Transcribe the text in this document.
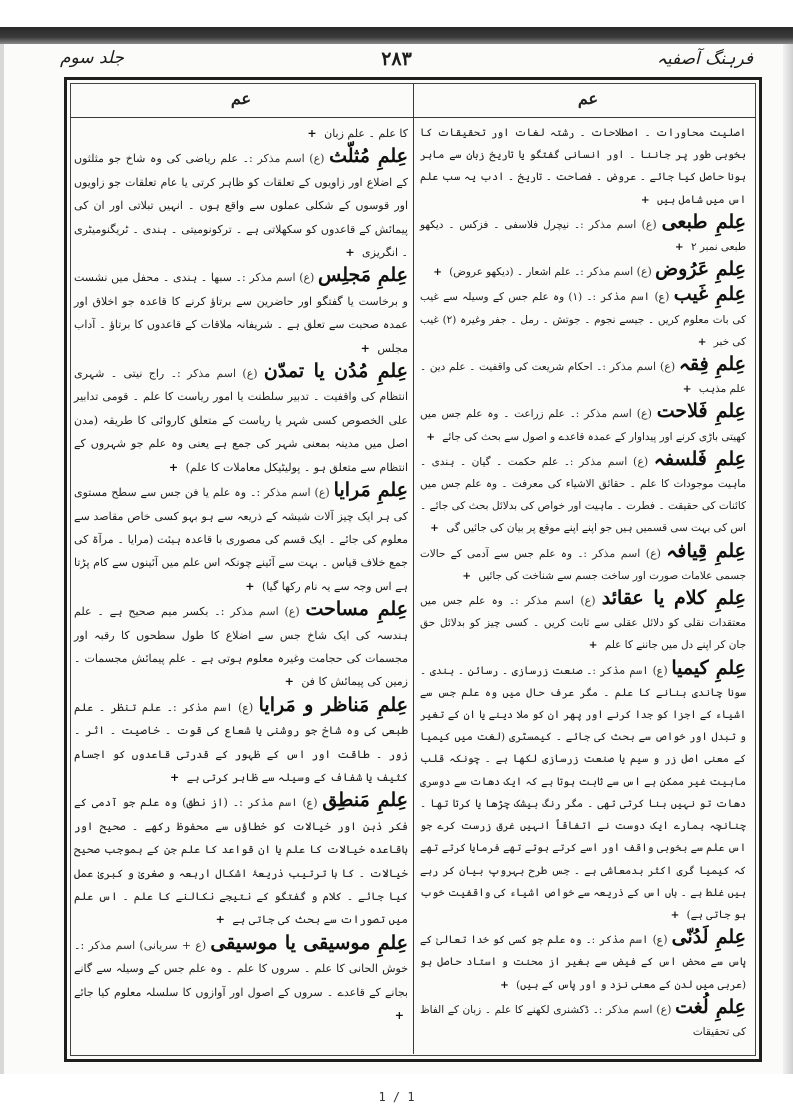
جلد سوم	۲۸۳	فرہنگ آصفیہ
عم	عم

اصلیت محاورات ۔ اصطلاحات ۔ رشتہ لغات اور تحقیقات کا بخوبی طور پر جاننا ۔ اور انسانی گفتگو یا تاریخ زبان سے ماہر ہونا حاصل کیا جائے ۔ عروض ۔ فصاحت ۔ تاریخ ۔ ادب یہ سب علم اس میں شامل ہیں +

عِلمِ طبعی (ع) اسم مذکر :۔ نیچرل فلاسفی ۔ فزکس ۔ دیکھو طبعی نمبر ۲ +

عِلمِ عَرُوض (ع) اسم مذکر :۔ علم اشعار ۔ (دیکھو عروض) +

عِلمِ غَیب (ع) اسم مذکر :۔ (۱) وہ علم جس کے وسیلہ سے غیب کی بات معلوم کریں ۔ جیسے نجوم ۔ جوتش ۔ رمل ۔ جفر وغیرہ (۲) غیب کی خبر +

عِلمِ فِقہ (ع) اسم مذکر :۔ احکام شریعت کی واقفیت ۔ علم دین ۔ علم مذہب +

عِلمِ فَلاحت (ع) اسم مذکر :۔ علم زراعت ۔ وہ علم جس میں کھیتی باڑی کرنے اور پیداوار کے عمدہ قاعدے و اصول سے بحث کی جائے +

عِلمِ فَلسفہ (ع) اسم مذکر :۔ علم حکمت ۔ گیان ۔ ہندی ۔ ماہیت موجودات کا علم ۔ حقائق الاشیاء کی معرفت ۔ وہ علم جس میں کائنات کی حقیقت ۔ فطرت ۔ ماہیت اور خواص کی بدلائل بحث کی جائے ۔ اس کی بہت سی قسمیں ہیں جو اپنے اپنے موقع پر بیان کی جائیں گی +

عِلمِ قِیافہ (ع) اسم مذکر :۔ وہ علم جس سے آدمی کے حالات جسمی علامات صورت اور ساخت جسم سے شناخت کی جائیں +

عِلمِ کلام یا عقائد (ع) اسم مذکر :۔ وہ علم جس میں معتقدات نقلی کو دلائل عقلی سے ثابت کریں ۔ کسی چیز کو بدلائل حق جان کر اپنے دل میں جاننے کا علم +

عِلمِ کیمیا (ع) اسم مذکر :۔ صنعت زرسازی ۔ رسائن ۔ ہندی ۔ سونا چاندی بنانے کا علم ۔ مگر عرف حال میں وہ علم جس سے اشیاء کے اجزا کو جدا کرنے اور پھر ان کو ملا دینے یا ان کے تغیر و تبدل اور خواص سے بحث کی جائے ۔ کیمسٹری (لغت میں کیمیا کے معنی اصل زر و سیم یا صنعت زرسازی لکھا ہے ۔ چونکہ قلب ماہیت غیر ممکن ہے اس سے ثابت ہوتا ہے کہ ایک دھات سے دوسری دھات تو نہیں بنا کرتی تھی ۔ مگر رنگ بیشک چڑھا یا کرتا تھا ۔ چنانچہ ہمارے ایک دوست نے اتفاقاً انہیں غرق زرست کرے جو اس علم سے بخوبی واقف اور اسے کرتے ہوتے تھے فرمایا کرتے تھے کہ کیمیا گری اکثر بدمعاشی ہے ۔ جس طرح بہروپ بیان کر رہے ہیں غلط ہے ۔ ہاں اس کے ذریعہ سے خواص اشیاء کی واقفیت خوب ہو جاتی ہے) +

عِلمِ لَدُنّی (ع) اسم مذکر :۔ وہ علم جو کسی کو خدا تعالیٰ کے پاس سے محض اس کے فیض سے بغیر از محنت و استاد حاصل ہو (عربی میں لدن کے معنی نزد و اور پاس کے ہیں) +

عِلمِ لُغت (ع) اسم مذکر :۔ ڈکشنری لکھنے کا علم ۔ زبان کے الفاظ کی تحقیقات

کا علم ۔ علم زبان +

عِلمِ مُثلّث (ع) اسم مذکر :۔ علم ریاضی کی وہ شاخ جو مثلثوں کے اضلاع اور زاویوں کے تعلقات کو ظاہر کرتی یا عام تعلقات جو زاویوں اور قوسوں کے شکلی عملوں سے واقع ہوں ۔ انہیں تبلاتی اور ان کی پیمائش کے قاعدوں کو سکھلاتی ہے ۔ ترکونومیتی ۔ ہندی ۔ ٹریگنومیٹری ۔ انگریزی +

عِلمِ مَجلِس (ع) اسم مذکر :۔ سبھا ۔ ہندی ۔ محفل میں نشست و برخاست یا گفتگو اور حاضرین سے برتاؤ کرنے کا قاعدہ جو اخلاق اور عمدہ صحبت سے تعلق ہے ۔ شریفانہ ملاقات کے قاعدوں کا برتاؤ ۔ آداب مجلس +

عِلمِ مُدُن یا تمدّن (ع) اسم مذکر :۔ راج نیتی ۔ شہری انتظام کی واقفیت ۔ تدبیر سلطنت یا امور ریاست کا علم ۔ قومی تدابیر علی الخصوص کسی شہر یا ریاست کے متعلق کاروائی کا طریقہ (مدن اصل میں مدینہ بمعنی شہر کی جمع ہے یعنی وہ علم جو شہروں کے انتظام سے متعلق ہو ۔ پولیٹیکل معاملات کا علم) +

عِلمِ مَرایا (ع) اسم مذکر :۔ وہ علم یا فن جس سے سطح مستوی کی ہر ایک چیز آلات شیشہ کے ذریعہ سے ہو بہو کسی خاص مقاصد سے معلوم کی جائے ۔ ایک قسم کی مصوری با قاعدہ ہیئت (مرایا ۔ مرآۃ کی جمع خلاف قیاس ۔ بہت سے آئینے چونکہ اس علم میں آئینوں سے کام پڑتا ہے اس وجہ سے یہ نام رکھا گیا) +

عِلمِ مساحت (ع) اسم مذکر :۔ بکسر میم صحیح ہے ۔ علم ہندسہ کی ایک شاخ جس سے اضلاع کا طول سطحوں کا رقبہ اور مجسمات کی حجامت وغیرہ معلوم ہوتی ہے ۔ علم پیمائش مجسمات ۔ زمین کی پیمائش کا فن +

عِلمِ مَناظر و مَرایا (ع) اسم مذکر :۔ علم تنظر ۔ علم طبعی کی وہ شاخ جو روشنی یا شعاع کی قوت ۔ خاصیت ۔ اثر ۔ زور ۔ طاقت اور اس کے ظہور کے قدرتی قاعدوں کو اجسام کثیف یا شفاف کے وسیلہ سے ظاہر کرتی ہے +

عِلمِ مَنطِق (ع) اسم مذکر :۔ (از نطق) وہ علم جو آدمی کے فکر ذہن اور خیالات کو خطاؤں سے محفوظ رکھے ۔ صحیح اور باقاعدہ خیالات کا علم یا ان قواعد کا علم جن کے بموجب صحیح خیالات ۔ کا با ترتیب ذریعۂ اشکال اربعہ و صغریٰ و کبریٰ عمل کیا جائے ۔ کلام و گفتگو کے نتیجے نکالنے کا علم ۔ اس علم میں تصورات سے بحث کی جاتی ہے +

عِلمِ موسیقی یا موسیقی (ع + سریانی) اسم مذکر :۔ خوش الحانی کا علم ۔ سروں کا علم ۔ وہ علم جس کے وسیلہ سے گانے بجانے کے قاعدے ۔ سروں کے اصول اور آوازوں کا سلسلہ معلوم کیا جائے +

1 / 1
